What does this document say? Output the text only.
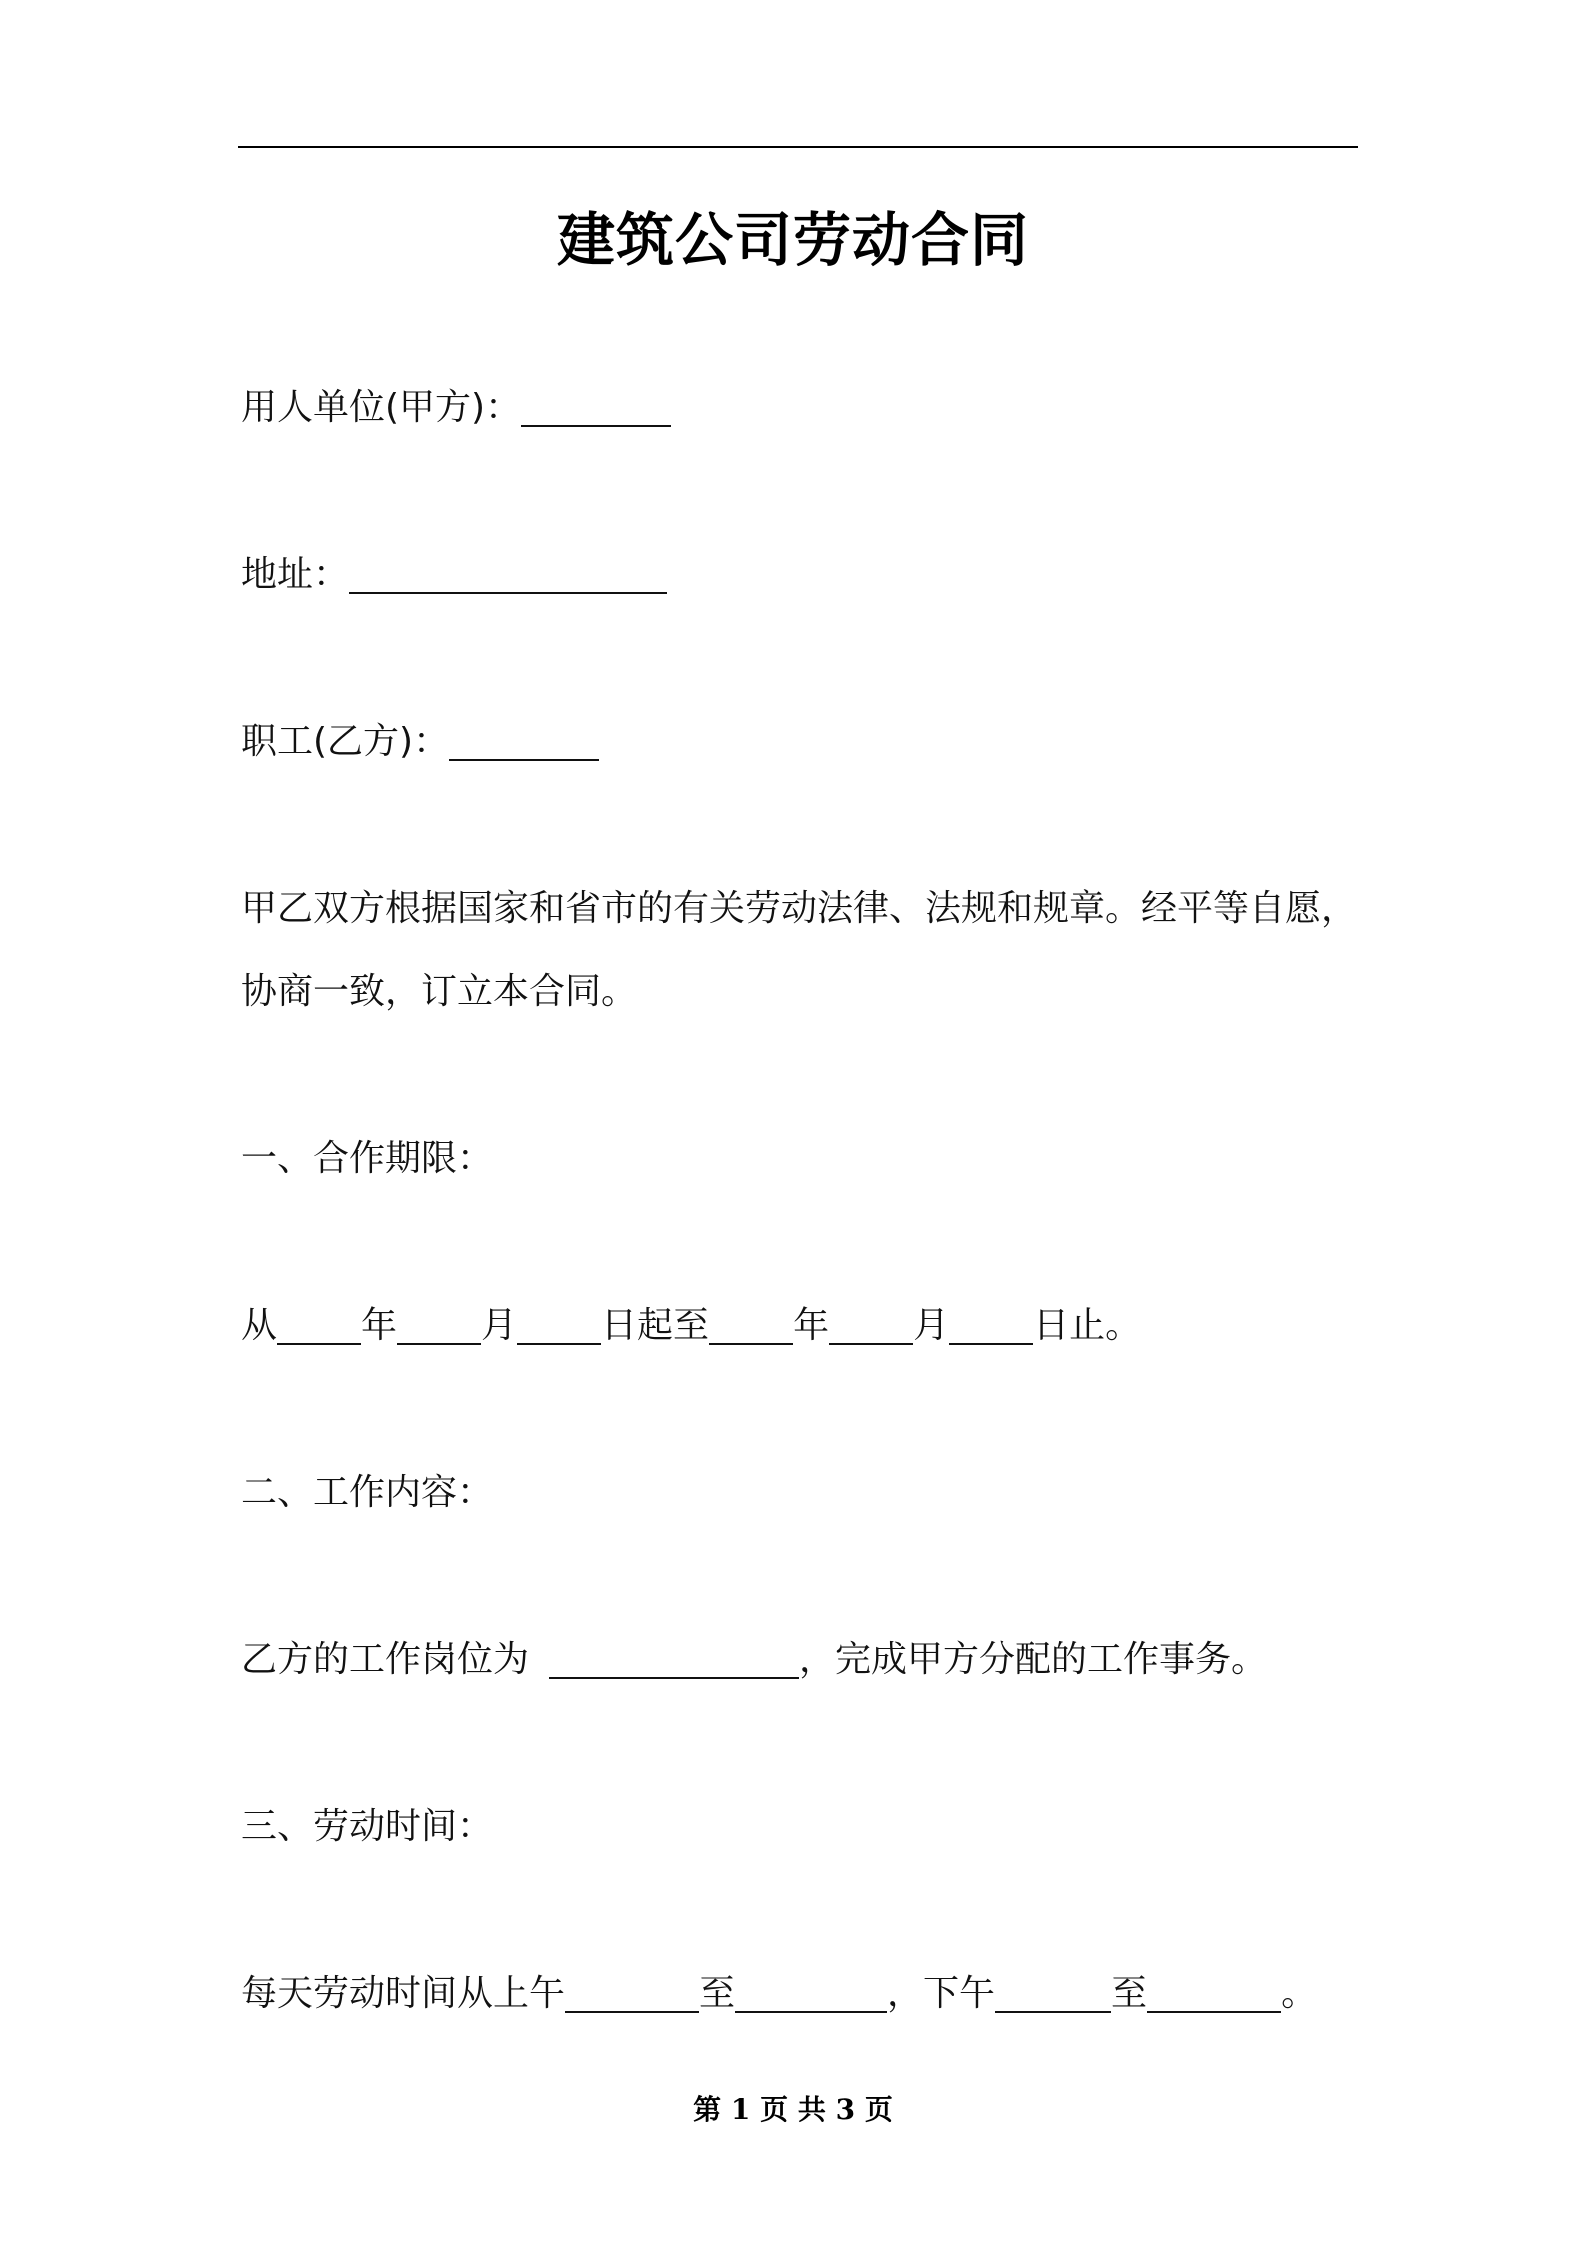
建筑公司劳动合同
用人单位(甲方)：
地址：
职工(乙方)：
甲乙双方根据国家和省市的有关劳动法律、法规和规章。经平等自愿，
协商一致，订立本合同。
一、合作期限：
从 年 月 日起至 年 月 日止。
二、工作内容：
乙方的工作岗位为	，完成甲方分配的工作事务。
三、劳动时间：
每天劳动时间从上午	至	，下午	至	。
第 1 页 共 3 页
